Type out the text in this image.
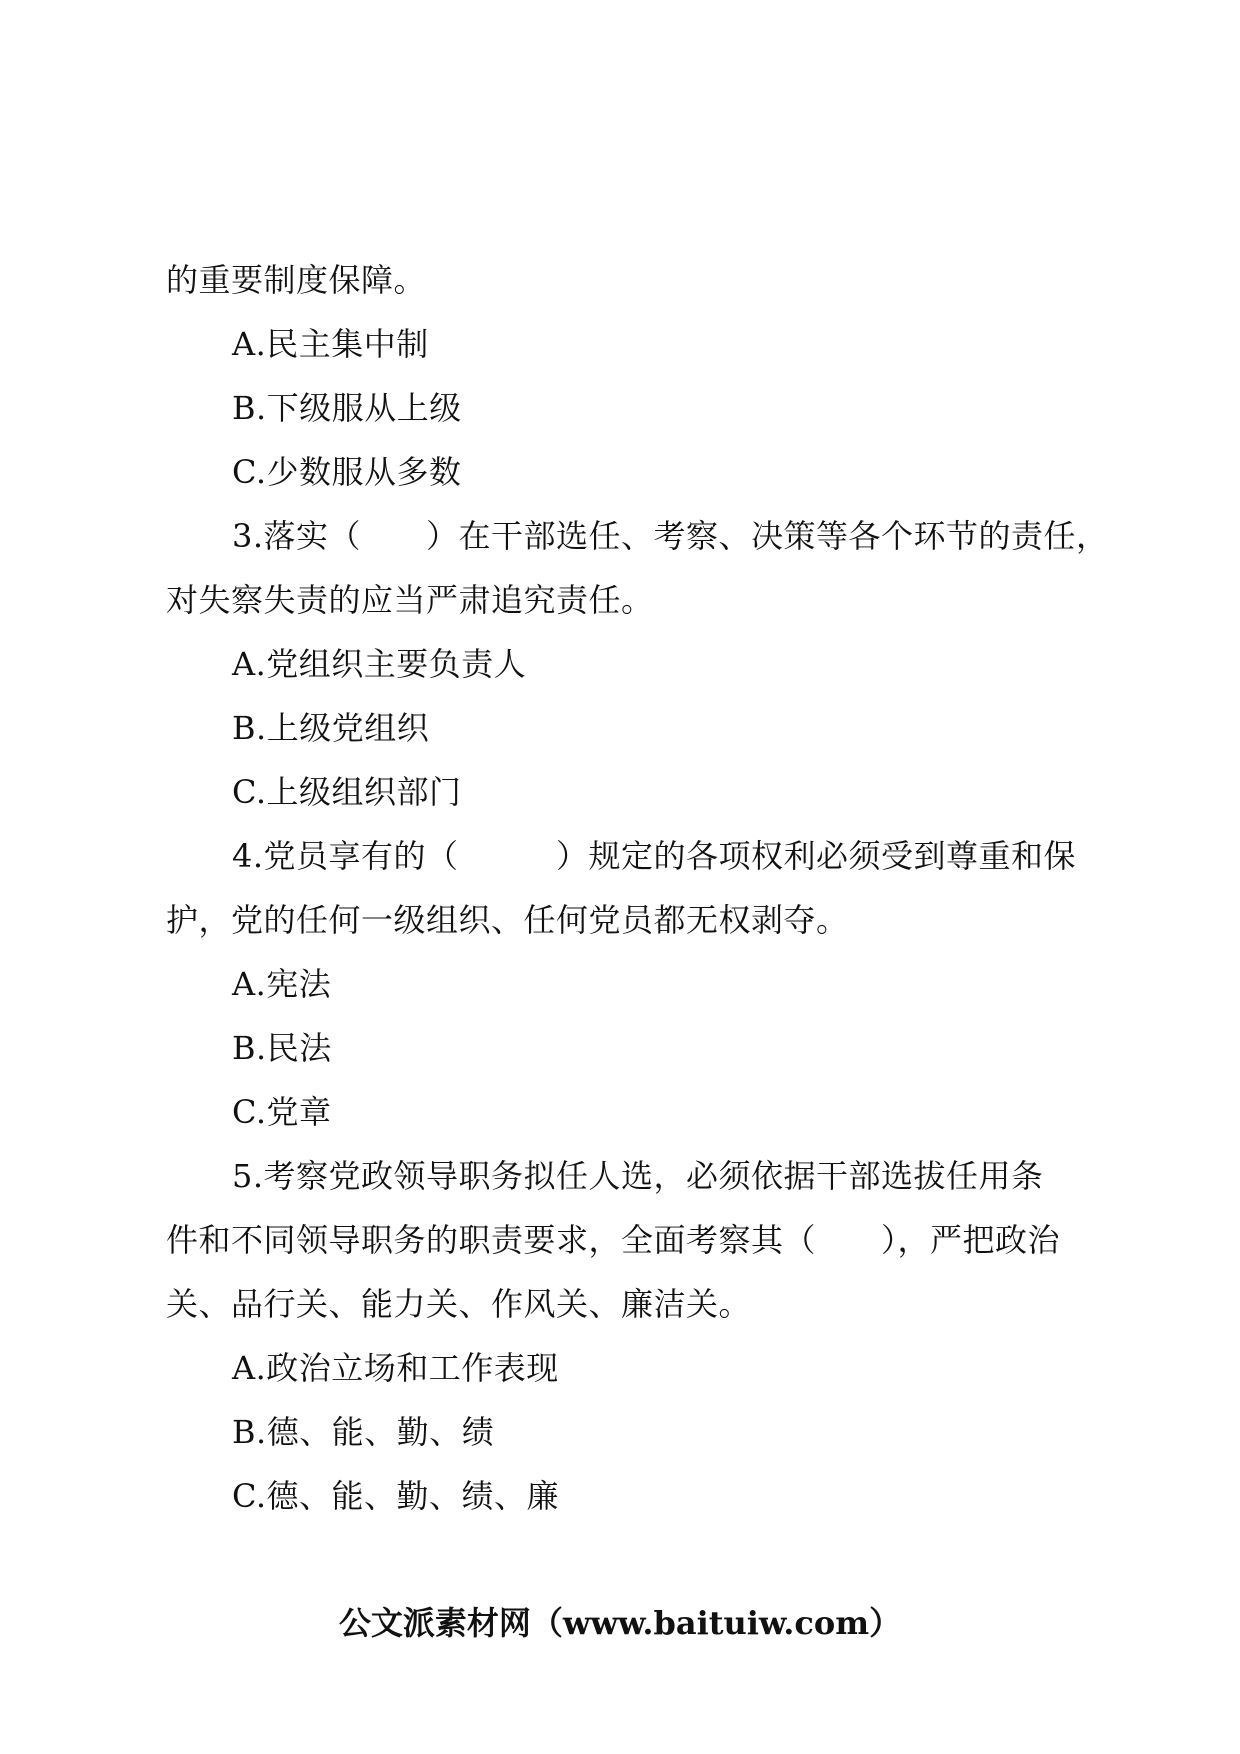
的重要制度保障。
A.民主集中制
B.下级服从上级
C.少数服从多数
3.落实（　　）在干部选任、考察、决策等各个环节的责任，
对失察失责的应当严肃追究责任。
A.党组织主要负责人
B.上级党组织
C.上级组织部门
4.党员享有的（　　　）规定的各项权利必须受到尊重和保
护，党的任何一级组织、任何党员都无权剥夺。
A.宪法
B.民法
C.党章
5.考察党政领导职务拟任人选，必须依据干部选拔任用条
件和不同领导职务的职责要求，全面考察其（　　），严把政治
关、品行关、能力关、作风关、廉洁关。
A.政治立场和工作表现
B.德、能、勤、绩
C.德、能、勤、绩、廉
公文派素材网（www.baituiw.com）
